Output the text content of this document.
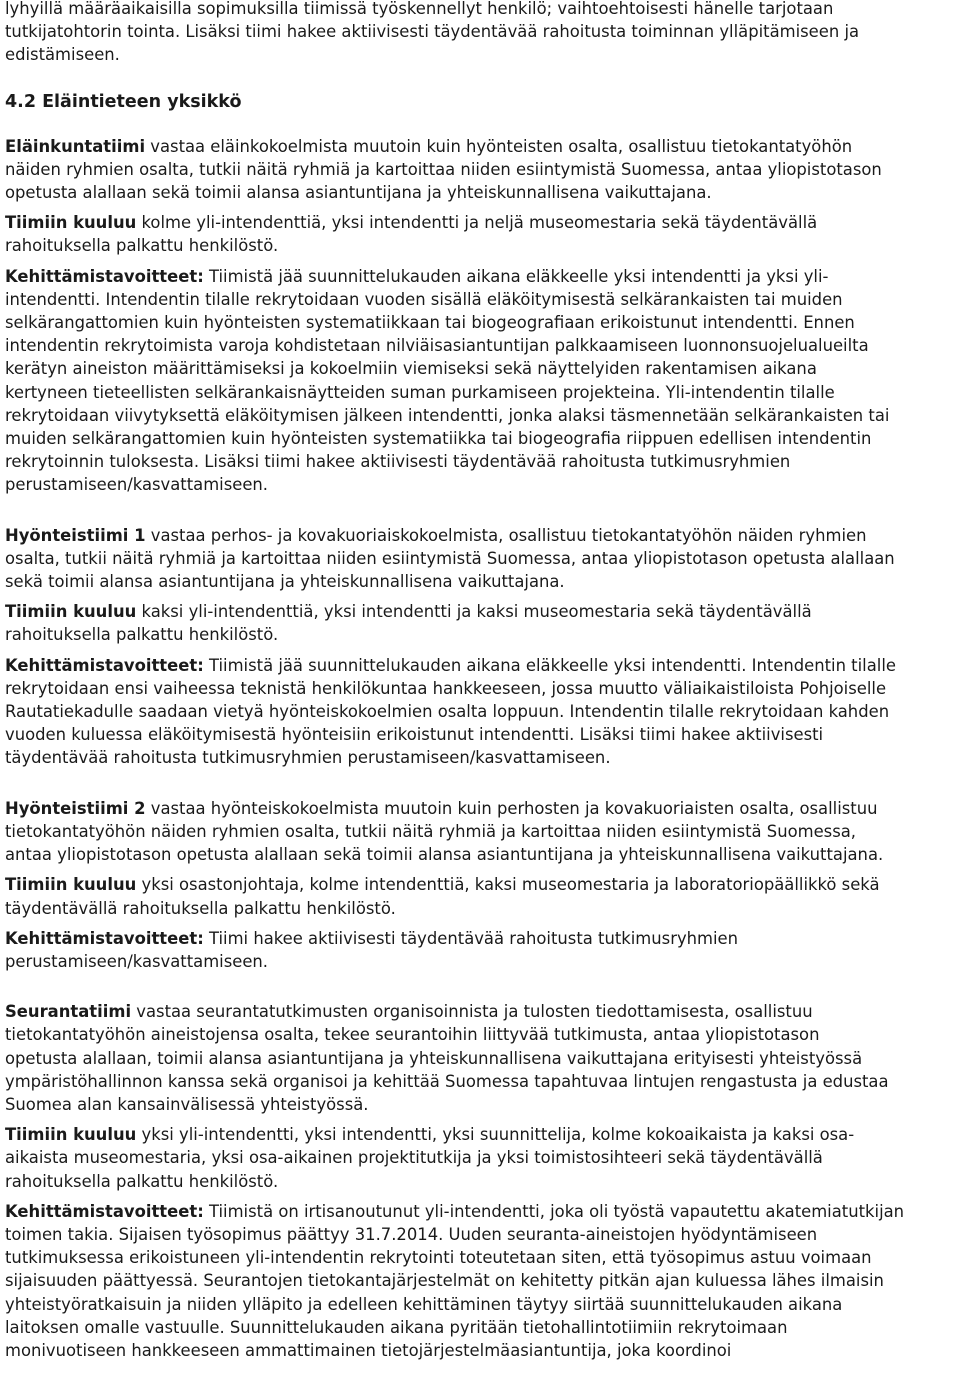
lyhyillä määräaikaisilla sopimuksilla tiimissä työskennellyt henkilö; vaihtoehtoisesti hänelle tarjotaan
tutkijatohtorin tointa. Lisäksi tiimi hakee aktiivisesti täydentävää rahoitusta toiminnan ylläpitämiseen ja
edistämiseen.

4.2 Eläintieteen yksikkö

Eläinkuntatiimi vastaa eläinkokoelmista muutoin kuin hyönteisten osalta, osallistuu tietokantatyöhön
näiden ryhmien osalta, tutkii näitä ryhmiä ja kartoittaa niiden esiintymistä Suomessa, antaa yliopistotason
opetusta alallaan sekä toimii alansa asiantuntijana ja yhteiskunnallisena vaikuttajana.

Tiimiin kuuluu kolme yli-intendenttiä, yksi intendentti ja neljä museomestaria sekä täydentävällä
rahoituksella palkattu henkilöstö.

Kehittämistavoitteet: Tiimistä jää suunnittelukauden aikana eläkkeelle yksi intendentti ja yksi yli-
intendentti. Intendentin tilalle rekrytoidaan vuoden sisällä eläköitymisestä selkärankaisten tai muiden
selkärangattomien kuin hyönteisten systematiikkaan tai biogeografiaan erikoistunut intendentti. Ennen
intendentin rekrytoimista varoja kohdistetaan nilviäisasiantuntijan palkkaamiseen luonnonsuojelualueilta
kerätyn aineiston määrittämiseksi ja kokoelmiin viemiseksi sekä näyttelyiden rakentamisen aikana
kertyneen tieteellisten selkärankaisnäytteiden suman purkamiseen projekteina. Yli-intendentin tilalle
rekrytoidaan viivytyksettä eläköitymisen jälkeen intendentti, jonka alaksi täsmennetään selkärankaisten tai
muiden selkärangattomien kuin hyönteisten systematiikka tai biogeografia riippuen edellisen intendentin
rekrytoinnin tuloksesta. Lisäksi tiimi hakee aktiivisesti täydentävää rahoitusta tutkimusryhmien
perustamiseen/kasvattamiseen.

Hyönteistiimi 1 vastaa perhos- ja kovakuoriaiskokoelmista, osallistuu tietokantatyöhön näiden ryhmien
osalta, tutkii näitä ryhmiä ja kartoittaa niiden esiintymistä Suomessa, antaa yliopistotason opetusta alallaan
sekä toimii alansa asiantuntijana ja yhteiskunnallisena vaikuttajana.

Tiimiin kuuluu kaksi yli-intendenttiä, yksi intendentti ja kaksi museomestaria sekä täydentävällä
rahoituksella palkattu henkilöstö.

Kehittämistavoitteet: Tiimistä jää suunnittelukauden aikana eläkkeelle yksi intendentti. Intendentin tilalle
rekrytoidaan ensi vaiheessa teknistä henkilökuntaa hankkeeseen, jossa muutto väliaikaistiloista Pohjoiselle
Rautatiekadulle saadaan vietyä hyönteiskokoelmien osalta loppuun. Intendentin tilalle rekrytoidaan kahden
vuoden kuluessa eläköitymisestä hyönteisiin erikoistunut intendentti. Lisäksi tiimi hakee aktiivisesti
täydentävää rahoitusta tutkimusryhmien perustamiseen/kasvattamiseen.

Hyönteistiimi 2 vastaa hyönteiskokoelmista muutoin kuin perhosten ja kovakuoriaisten osalta, osallistuu
tietokantatyöhön näiden ryhmien osalta, tutkii näitä ryhmiä ja kartoittaa niiden esiintymistä Suomessa,
antaa yliopistotason opetusta alallaan sekä toimii alansa asiantuntijana ja yhteiskunnallisena vaikuttajana.

Tiimiin kuuluu yksi osastonjohtaja, kolme intendenttiä, kaksi museomestaria ja laboratoriopäällikkö sekä
täydentävällä rahoituksella palkattu henkilöstö.

Kehittämistavoitteet: Tiimi hakee aktiivisesti täydentävää rahoitusta tutkimusryhmien
perustamiseen/kasvattamiseen.

Seurantatiimi vastaa seurantatutkimusten organisoinnista ja tulosten tiedottamisesta, osallistuu
tietokantatyöhön aineistojensa osalta, tekee seurantoihin liittyvää tutkimusta, antaa yliopistotason
opetusta alallaan, toimii alansa asiantuntijana ja yhteiskunnallisena vaikuttajana erityisesti yhteistyössä
ympäristöhallinnon kanssa sekä organisoi ja kehittää Suomessa tapahtuvaa lintujen rengastusta ja edustaa
Suomea alan kansainvälisessä yhteistyössä.

Tiimiin kuuluu yksi yli-intendentti, yksi intendentti, yksi suunnittelija, kolme kokoaikaista ja kaksi osa-
aikaista museomestaria, yksi osa-aikainen projektitutkija ja yksi toimistosihteeri sekä täydentävällä
rahoituksella palkattu henkilöstö.

Kehittämistavoitteet: Tiimistä on irtisanoutunut yli-intendentti, joka oli työstä vapautettu akatemiatutkijan
toimen takia. Sijaisen työsopimus päättyy 31.7.2014. Uuden seuranta-aineistojen hyödyntämiseen
tutkimuksessa erikoistuneen yli-intendentin rekrytointi toteutetaan siten, että työsopimus astuu voimaan
sijaisuuden päättyessä. Seurantojen tietokantajärjestelmät on kehitetty pitkän ajan kuluessa lähes ilmaisin
yhteistyöratkaisuin ja niiden ylläpito ja edelleen kehittäminen täytyy siirtää suunnittelukauden aikana
laitoksen omalle vastuulle. Suunnittelukauden aikana pyritään tietohallintotiimiin rekrytoimaan
monivuotiseen hankkeeseen ammattimainen tietojärjestelmäasiantuntija, joka koordinoi
